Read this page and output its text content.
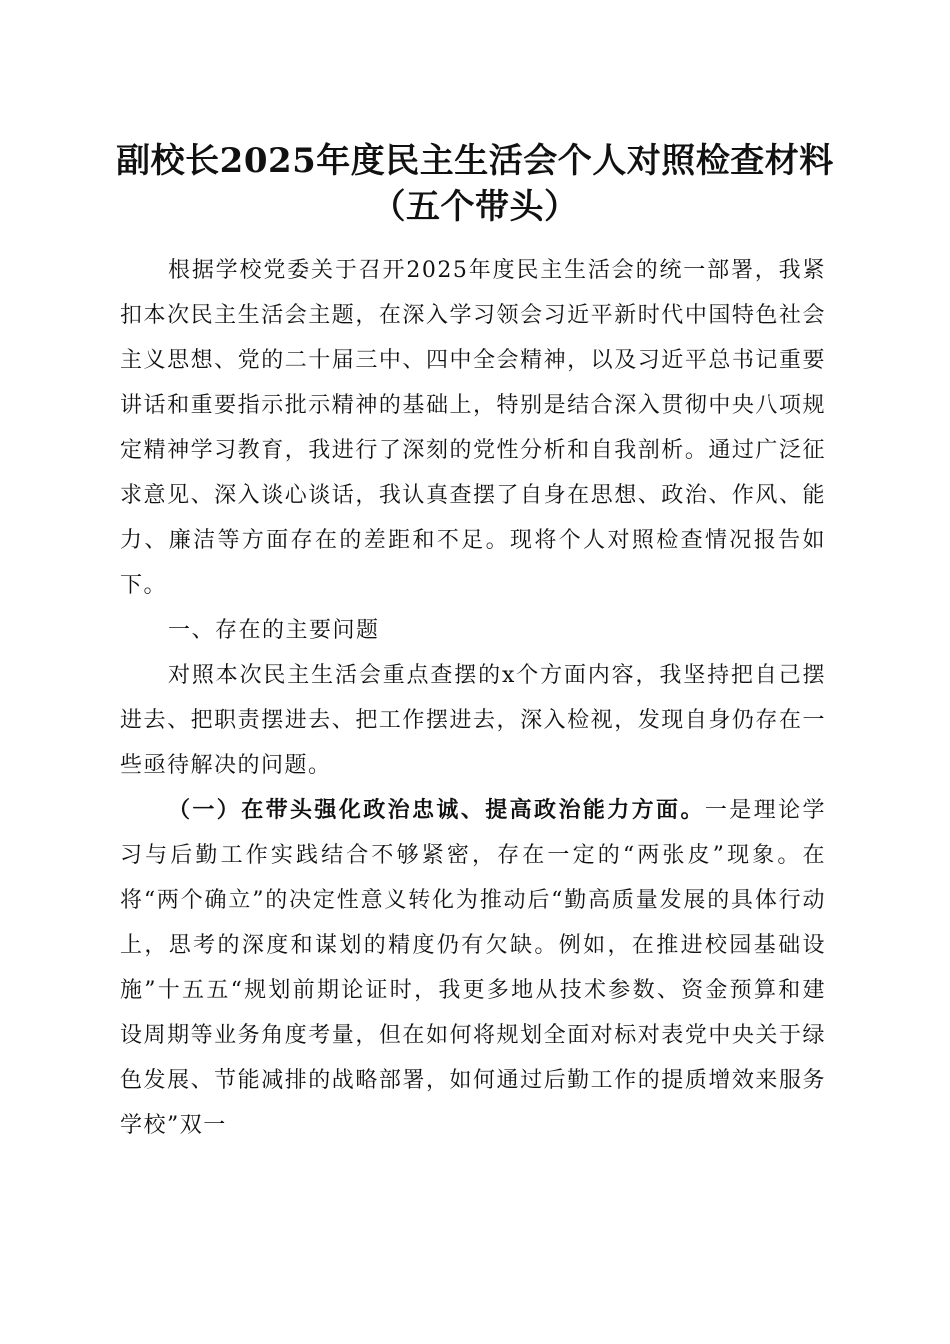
副校长2025年度民主生活会个人对照检查材料（五个带头）

根据学校党委关于召开2025年度民主生活会的统一部署，我紧扣本次民主生活会主题，在深入学习领会习近平新时代中国特色社会主义思想、党的二十届三中、四中全会精神，以及习近平总书记重要讲话和重要指示批示精神的基础上，特别是结合深入贯彻中央八项规定精神学习教育，我进行了深刻的党性分析和自我剖析。通过广泛征求意见、深入谈心谈话，我认真查摆了自身在思想、政治、作风、能力、廉洁等方面存在的差距和不足。现将个人对照检查情况报告如下。

一、存在的主要问题

对照本次民主生活会重点查摆的x个方面内容，我坚持把自己摆进去、把职责摆进去、把工作摆进去，深入检视，发现自身仍存在一些亟待解决的问题。

（一）在带头强化政治忠诚、提高政治能力方面。一是理论学习与后勤工作实践结合不够紧密，存在一定的“两张皮”现象。在将“两个确立”的决定性意义转化为推动后“勤高质量发展的具体行动上，思考的深度和谋划的精度仍有欠缺。例如，在推进校园基础设施”十五五“规划前期论证时，我更多地从技术参数、资金预算和建设周期等业务角度考量，但在如何将规划全面对标对表党中央关于绿色发展、节能减排的战略部署，如何通过后勤工作的提质增效来服务学校”双一
